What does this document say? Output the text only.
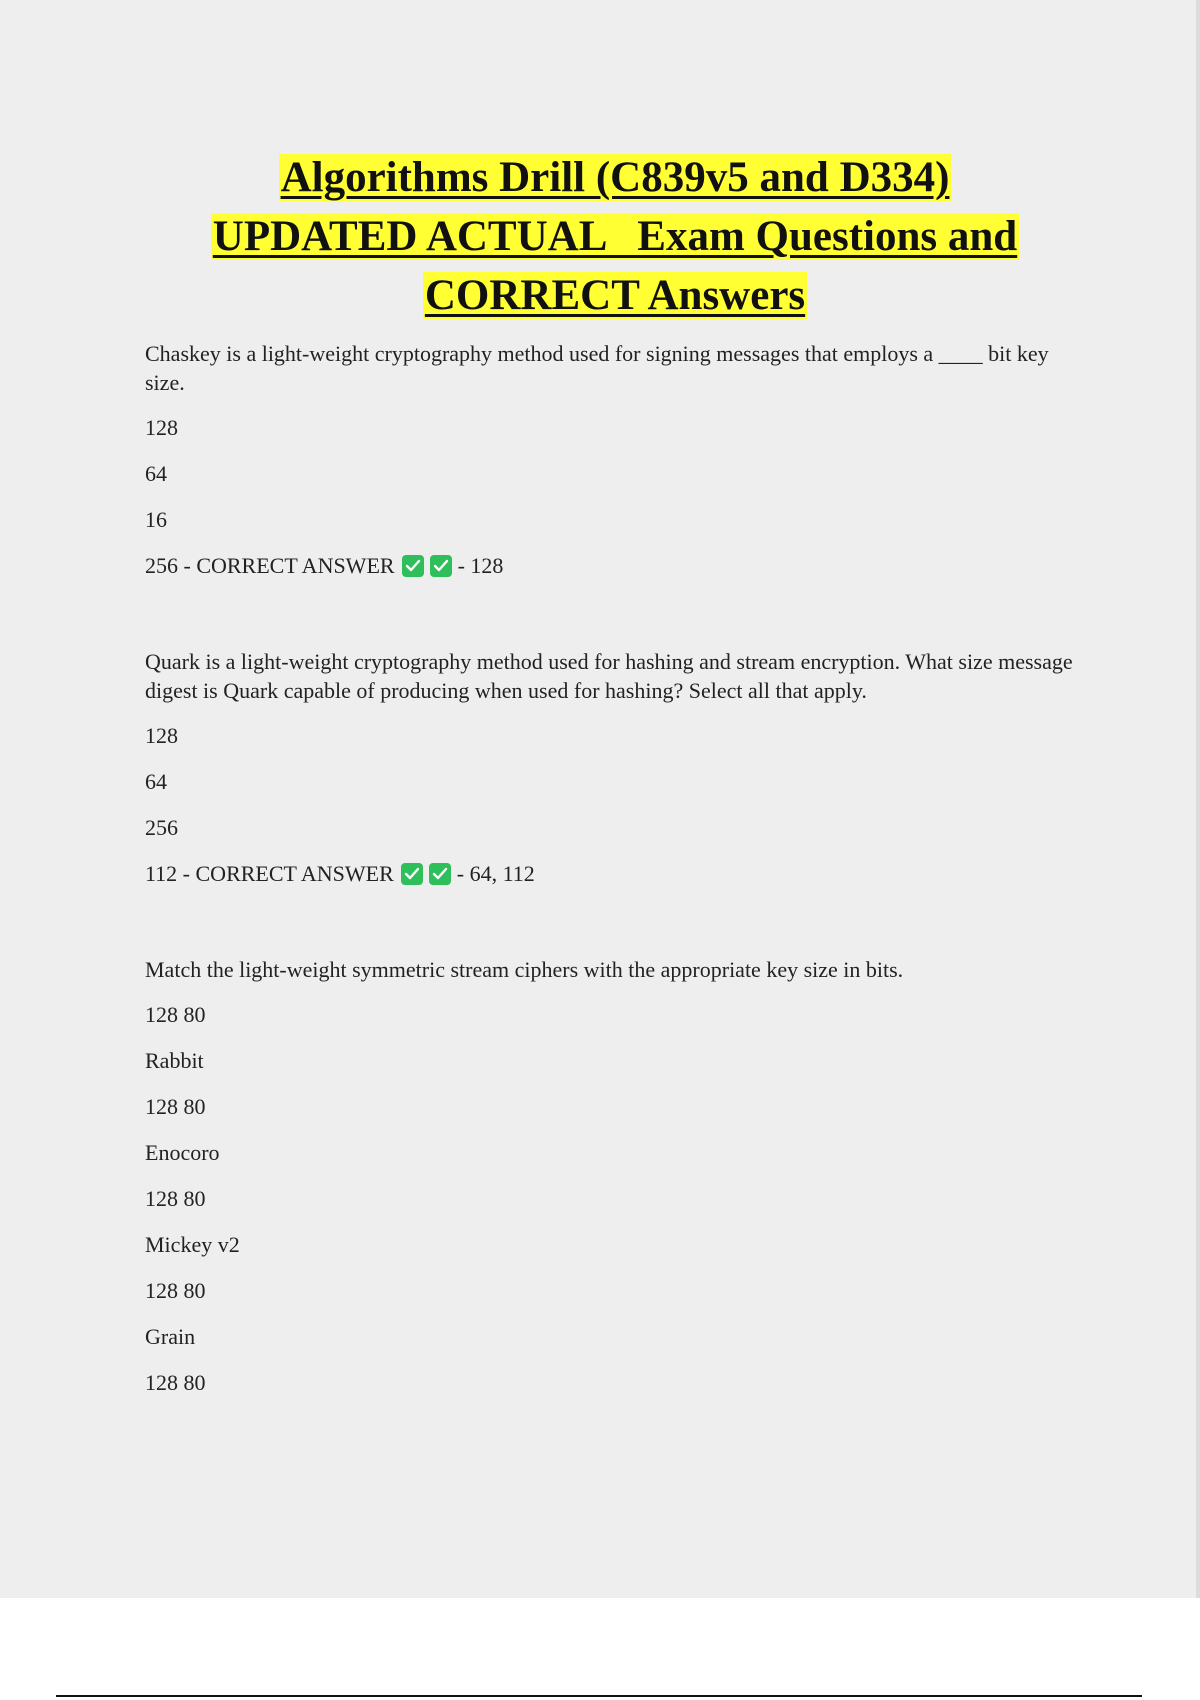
Algorithms Drill (C839v5 and D334)
UPDATED ACTUAL   Exam Questions and
CORRECT Answers

Chaskey is a light-weight cryptography method used for signing messages that employs a ____ bit key size.

128

64

16

256 - CORRECT ANSWER	- 128

Quark is a light-weight cryptography method used for hashing and stream encryption. What size message digest is Quark capable of producing when used for hashing? Select all that apply.

128

64

256

112 - CORRECT ANSWER	- 64, 112

Match the light-weight symmetric stream ciphers with the appropriate key size in bits.

128 80

Rabbit

128 80

Enocoro

128 80

Mickey v2

128 80

Grain

128 80
